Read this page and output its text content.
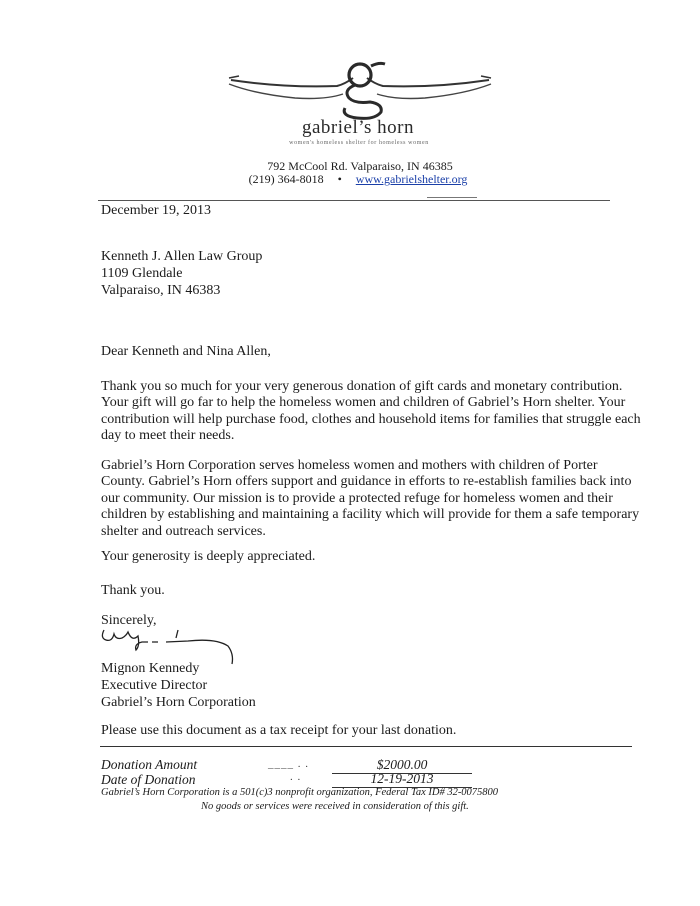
gabriel’s horn
women's homeless shelter for homeless women
792 McCool Rd. Valparaiso, IN 46385
(219) 364-8018 • www.gabrielshelter.org
December 19, 2013
Kenneth J. Allen Law Group
1109 Glendale
Valparaiso, IN 46383
Dear Kenneth and Nina Allen,
Thank you so much for your very generous donation of gift cards and monetary contribution. Your gift will go far to help the homeless women and children of Gabriel’s Horn shelter. Your contribution will help purchase food, clothes and household items for families that struggle each day to meet their needs.
Gabriel’s Horn Corporation serves homeless women and mothers with children of Porter County. Gabriel’s Horn offers support and guidance in efforts to re-establish families back into our community. Our mission is to provide a protected refuge for homeless women and their children by establishing and maintaining a facility which will provide for them a safe temporary shelter and outreach services.
Your generosity is deeply appreciated.
Thank you.
Sincerely,
Mignon Kennedy
Executive Director
Gabriel’s Horn Corporation
Please use this document as a tax receipt for your last donation.
Donation Amount	____ . .	$2000.00
Date of Donation	. .	12-19-2013
Gabriel’s Horn Corporation is a 501(c)3 nonprofit organization, Federal Tax ID# 32-0075800
No goods or services were received in consideration of this gift.
